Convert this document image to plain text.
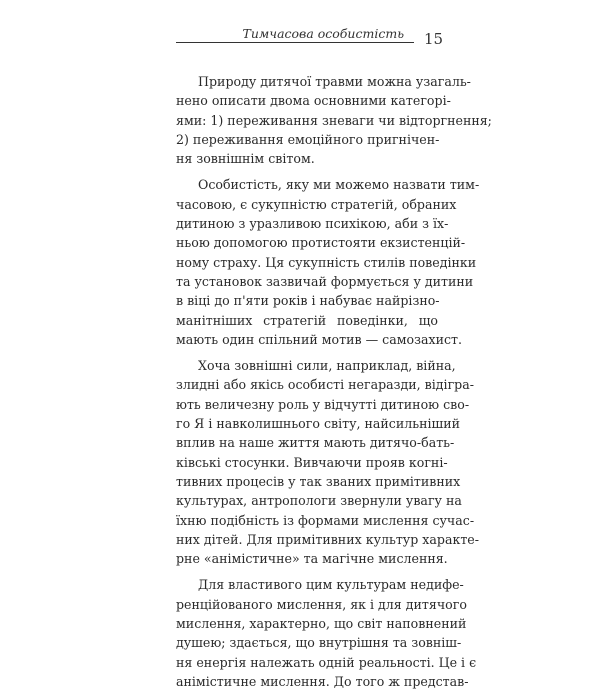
Тимчасова особистість 15
Природу дитячої травми можна узагаль-
нено описати двома основними категорі-
ями: 1) переживання зневаги чи відторгнення;
2) переживання емоційного пригнічен-
ня зовнішнім світом.
Особистість, яку ми можемо назвати тим-
часовою, є сукупністю стратегій, обраних
дитиною з уразливою психікою, аби з їх-
ньою допомогою протистояти екзистенцій-
ному страху. Ця сукупність стилів поведінки
та установок зазвичай формується у дитини
в віці до п'яти років і набуває найрізно-
манітніших стратегій поведінки, що
мають один спільний мотив — самозахист.
Хоча зовнішні сили, наприклад, війна,
злидні або якісь особисті негаразди, відігра-
ють величезну роль у відчутті дитиною сво-
го Я і навколишнього світу, найсильніший
вплив на наше життя мають дитячо-бать-
ківські стосунки. Вивчаючи прояв когні-
тивних процесів у так званих примітивних
культурах, антропологи звернули увагу на
їхню подібність із формами мислення сучас-
них дітей. Для примітивних культур характе-
рне «анімістичне» та магічне мислення.
Для властивого цим культурам недифе-
ренційованого мислення, як і для дитячого
мислення, характерно, що світ наповнений
душею; здається, що внутрішня та зовніш-
ня енергія належать одній реальності. Це і є
анімістичне мислення. До того ж представ-
